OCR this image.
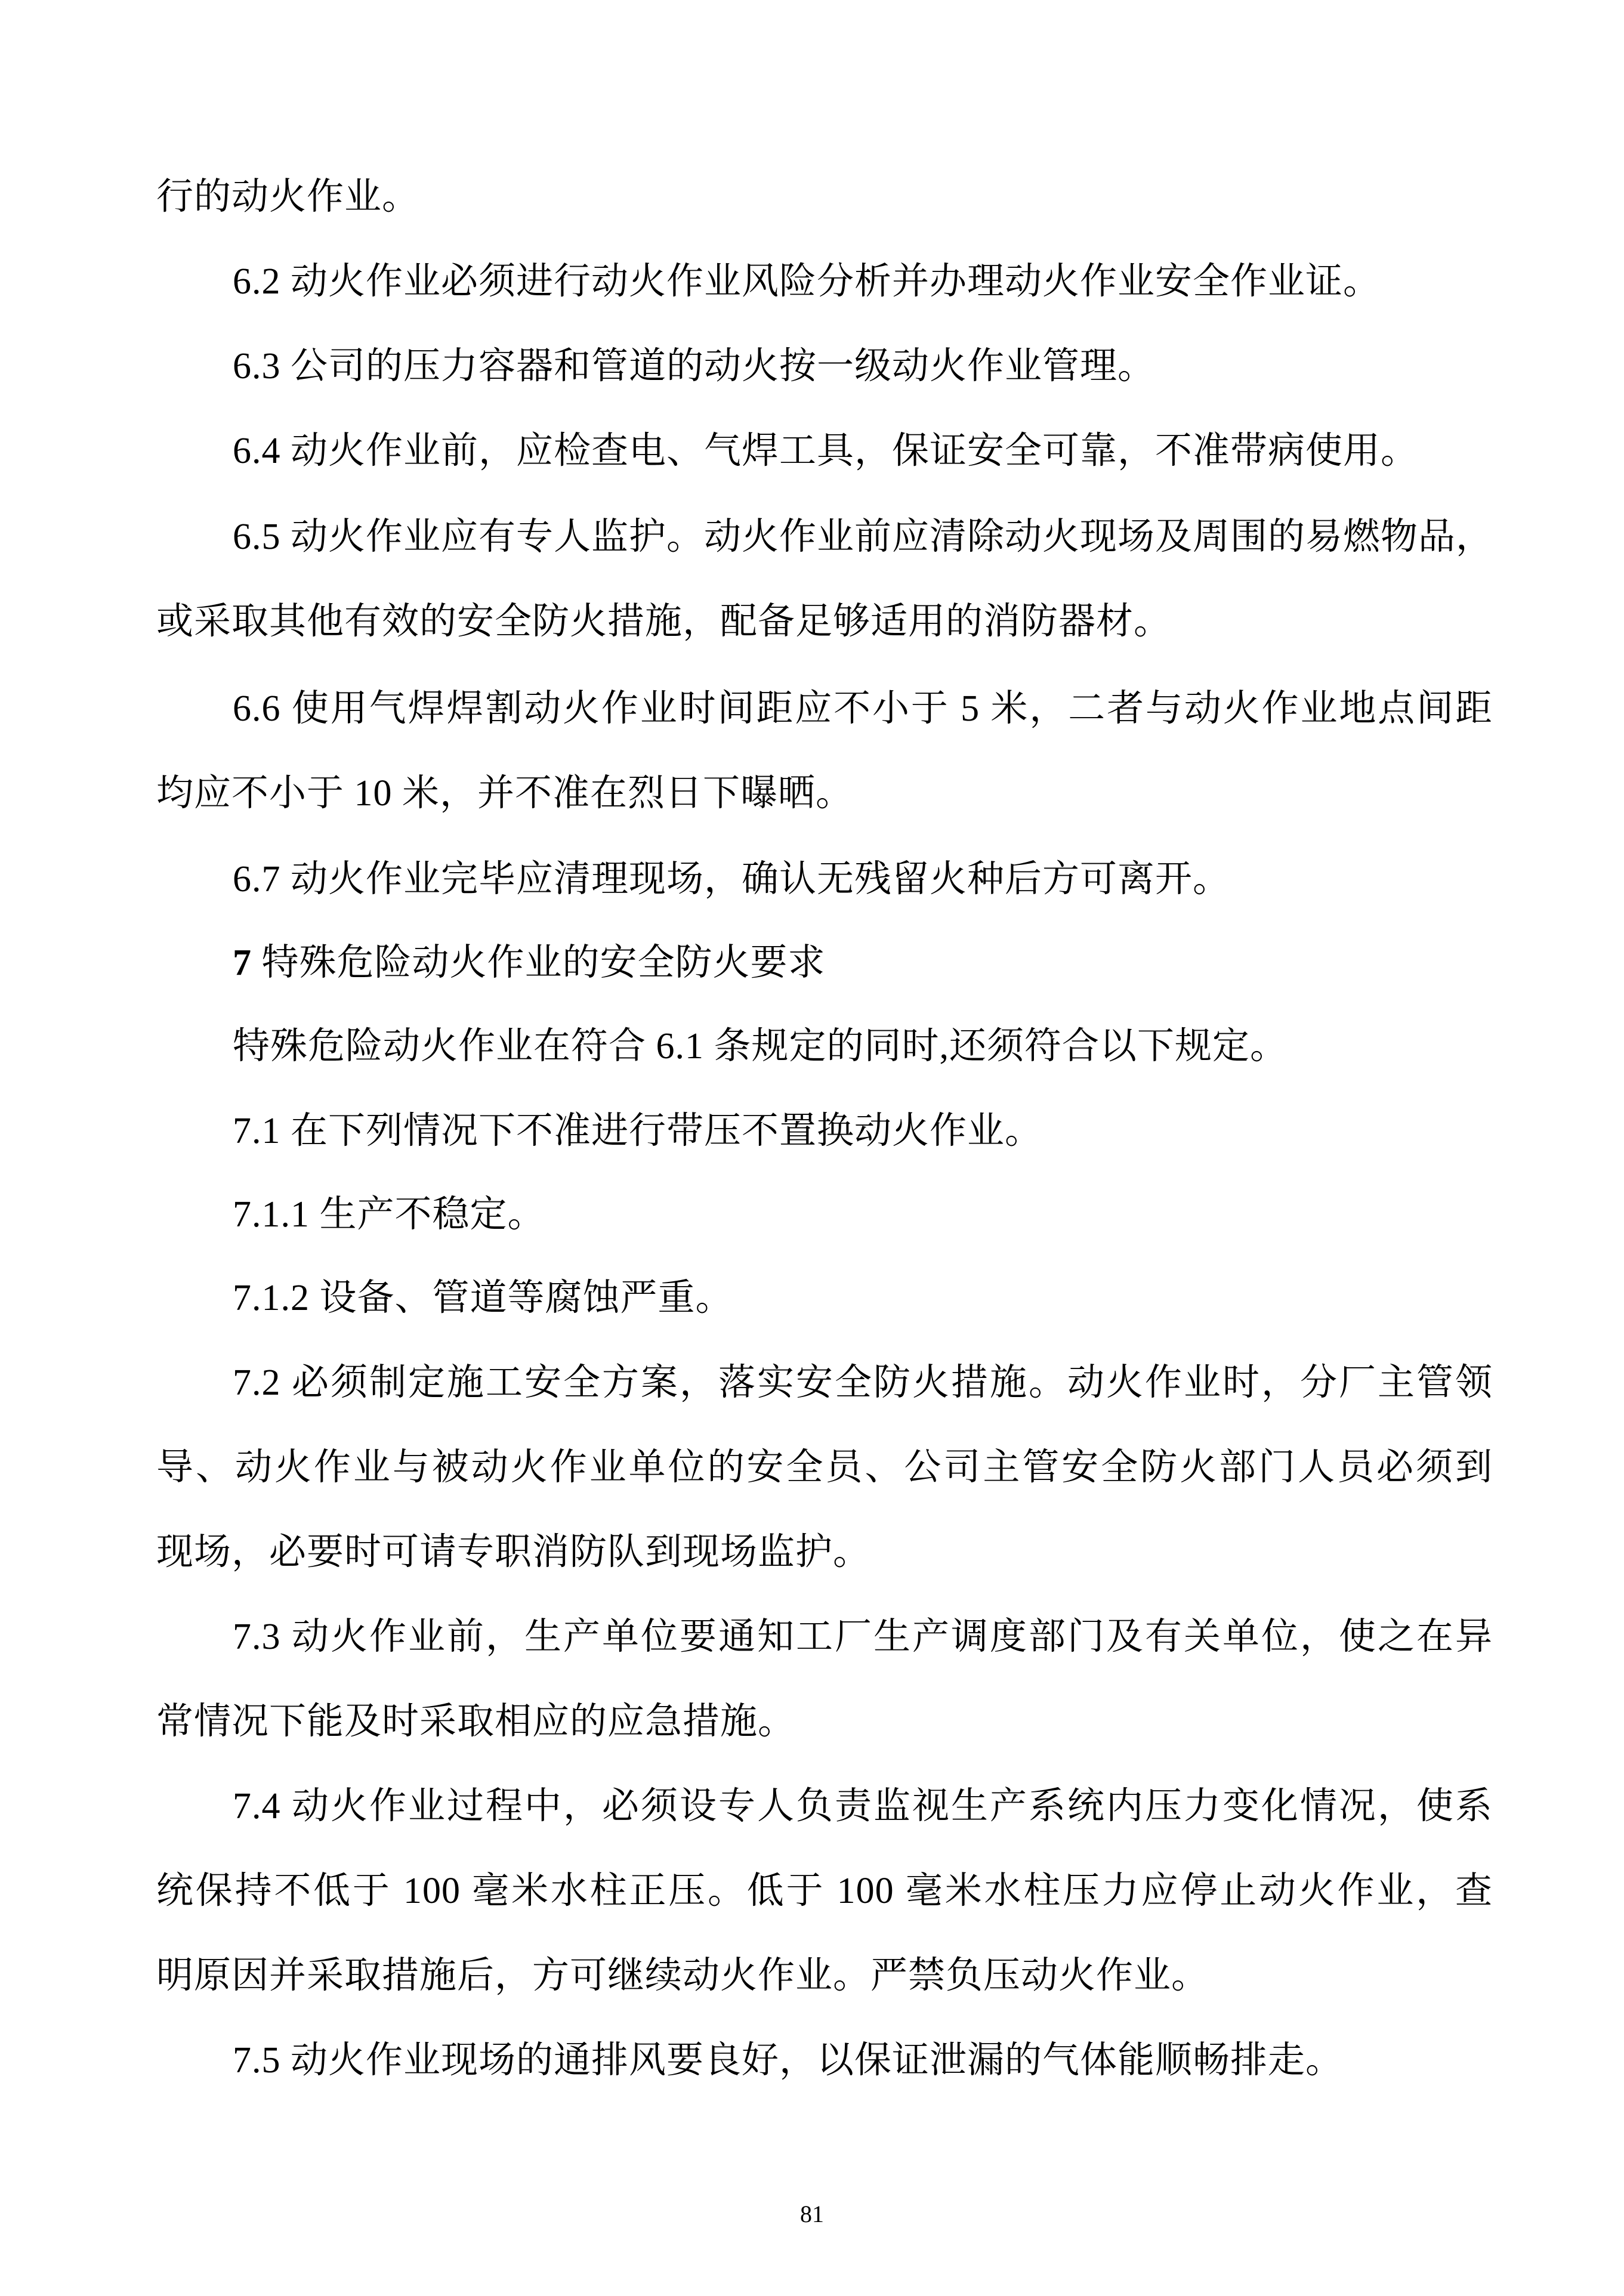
行的动火作业。
6.2 动火作业必须进行动火作业风险分析并办理动火作业安全作业证。
6.3 公司的压力容器和管道的动火按一级动火作业管理。
6.4 动火作业前，应检查电、气焊工具，保证安全可靠，不准带病使用。
6.5 动火作业应有专人监护。动火作业前应清除动火现场及周围的易燃物品，
或采取其他有效的安全防火措施，配备足够适用的消防器材。
6.6 使用气焊焊割动火作业时间距应不小于 5 米，二者与动火作业地点间距
均应不小于 10 米，并不准在烈日下曝晒。
6.7 动火作业完毕应清理现场，确认无残留火种后方可离开。
7 特殊危险动火作业的安全防火要求
特殊危险动火作业在符合 6.1 条规定的同时,还须符合以下规定。
7.1 在下列情况下不准进行带压不置换动火作业。
7.1.1 生产不稳定。
7.1.2 设备、管道等腐蚀严重。
7.2 必须制定施工安全方案，落实安全防火措施。动火作业时，分厂主管领
导、动火作业与被动火作业单位的安全员、公司主管安全防火部门人员必须到
现场，必要时可请专职消防队到现场监护。
7.3 动火作业前，生产单位要通知工厂生产调度部门及有关单位，使之在异
常情况下能及时采取相应的应急措施。
7.4 动火作业过程中，必须设专人负责监视生产系统内压力变化情况，使系
统保持不低于 100 毫米水柱正压。低于 100 毫米水柱压力应停止动火作业，查
明原因并采取措施后，方可继续动火作业。严禁负压动火作业。
7.5 动火作业现场的通排风要良好，以保证泄漏的气体能顺畅排走。
81
